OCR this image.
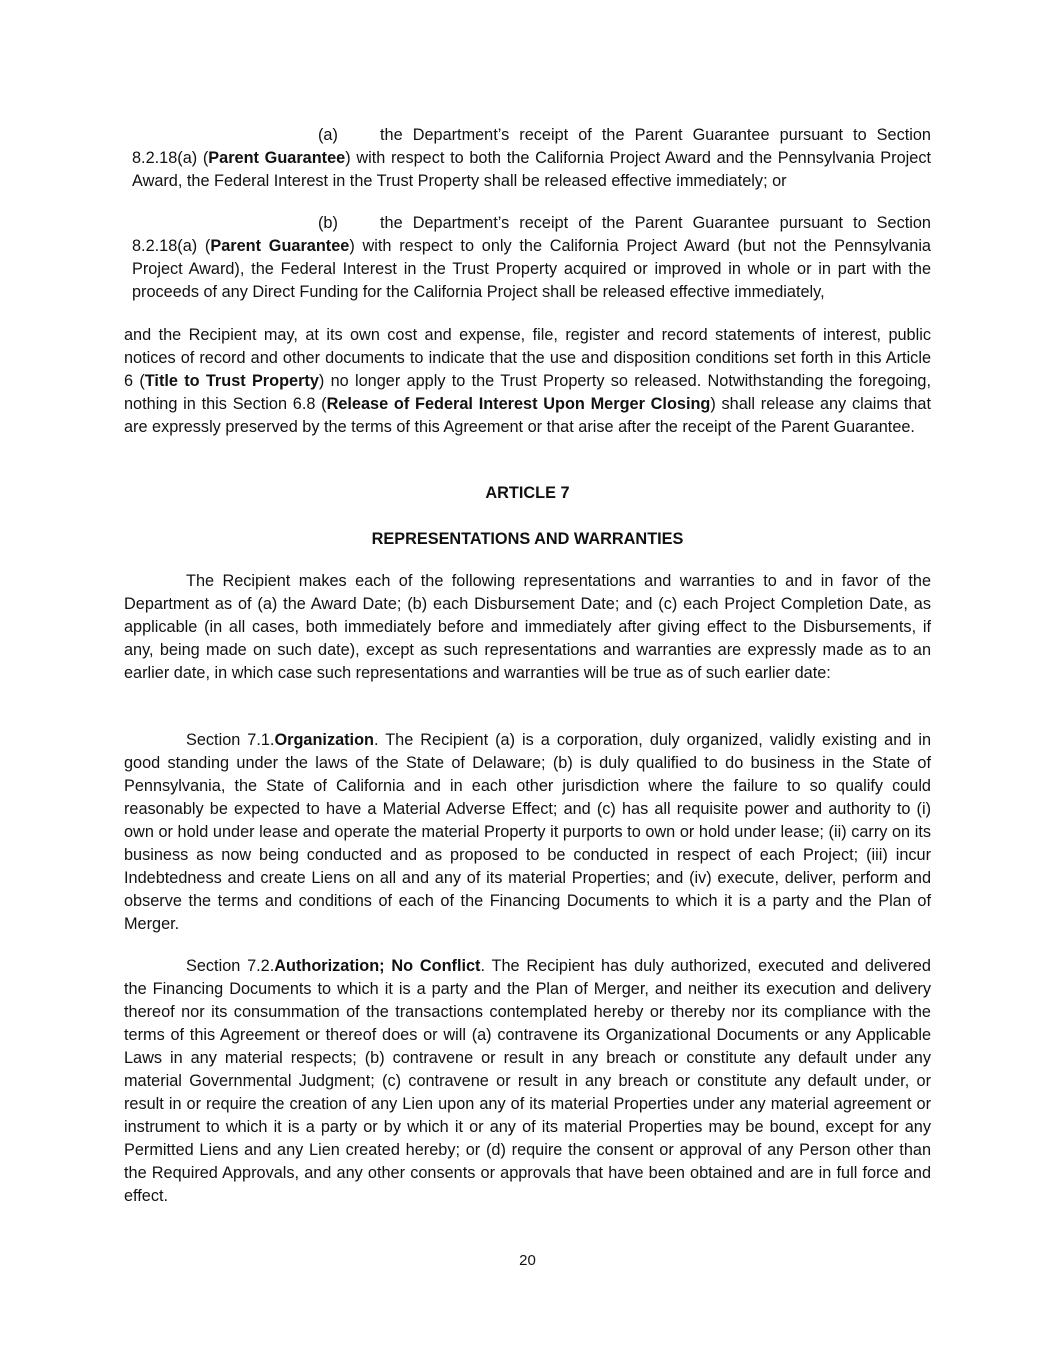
(a)	the Department’s receipt of the Parent Guarantee pursuant to Section 8.2.18(a) (Parent Guarantee) with respect to both the California Project Award and the Pennsylvania Project Award, the Federal Interest in the Trust Property shall be released effective immediately; or

(b)	the Department’s receipt of the Parent Guarantee pursuant to Section 8.2.18(a) (Parent Guarantee) with respect to only the California Project Award (but not the Pennsylvania Project Award), the Federal Interest in the Trust Property acquired or improved in whole or in part with the proceeds of any Direct Funding for the California Project shall be released effective immediately,

and the Recipient may, at its own cost and expense, file, register and record statements of interest, public notices of record and other documents to indicate that the use and disposition conditions set forth in this Article 6 (Title to Trust Property) no longer apply to the Trust Property so released. Notwithstanding the foregoing, nothing in this Section 6.8 (Release of Federal Interest Upon Merger Closing) shall release any claims that are expressly preserved by the terms of this Agreement or that arise after the receipt of the Parent Guarantee.

ARTICLE 7
REPRESENTATIONS AND WARRANTIES
The Recipient makes each of the following representations and warranties to and in favor of the Department as of (a) the Award Date; (b) each Disbursement Date; and (c) each Project Completion Date, as applicable (in all cases, both immediately before and immediately after giving effect to the Disbursements, if any, being made on such date), except as such representations and warranties are expressly made as to an earlier date, in which case such representations and warranties will be true as of such earlier date:
Section 7.1.Organization. The Recipient (a) is a corporation, duly organized, validly existing and in good standing under the laws of the State of Delaware; (b) is duly qualified to do business in the State of Pennsylvania, the State of California and in each other jurisdiction where the failure to so qualify could reasonably be expected to have a Material Adverse Effect; and (c) has all requisite power and authority to (i) own or hold under lease and operate the material Property it purports to own or hold under lease; (ii) carry on its business as now being conducted and as proposed to be conducted in respect of each Project; (iii) incur Indebtedness and create Liens on all and any of its material Properties; and (iv) execute, deliver, perform and observe the terms and conditions of each of the Financing Documents to which it is a party and the Plan of Merger.
Section 7.2.Authorization; No Conflict. The Recipient has duly authorized, executed and delivered the Financing Documents to which it is a party and the Plan of Merger, and neither its execution and delivery thereof nor its consummation of the transactions contemplated hereby or thereby nor its compliance with the terms of this Agreement or thereof does or will (a) contravene its Organizational Documents or any Applicable Laws in any material respects; (b) contravene or result in any breach or constitute any default under any material Governmental Judgment; (c) contravene or result in any breach or constitute any default under, or result in or require the creation of any Lien upon any of its material Properties under any material agreement or instrument to which it is a party or by which it or any of its material Properties may be bound, except for any Permitted Liens and any Lien created hereby; or (d) require the consent or approval of any Person other than the Required Approvals, and any other consents or approvals that have been obtained and are in full force and effect.
20
